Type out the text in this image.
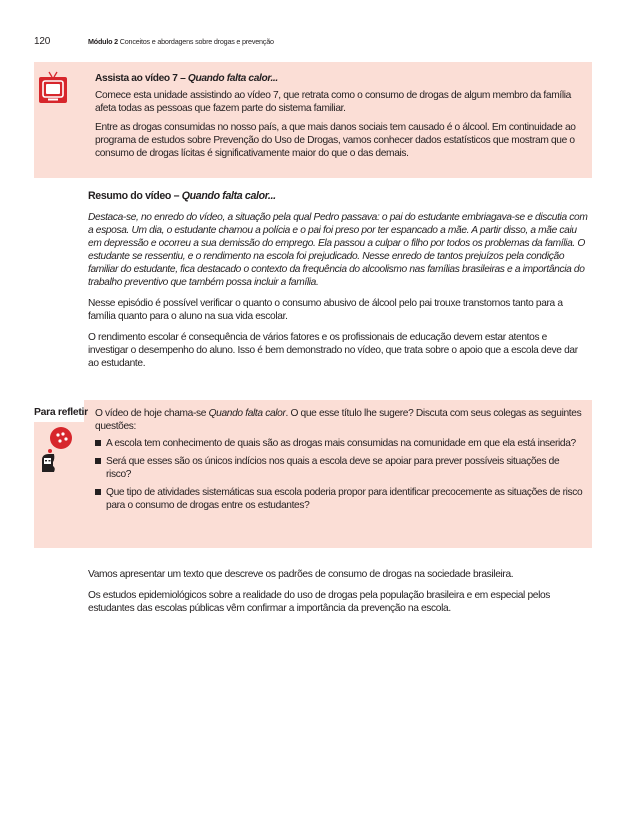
120	Módulo 2 Conceitos e abordagens sobre drogas e prevenção

Assista ao vídeo 7 – Quando falta calor...

Comece esta unidade assistindo ao vídeo 7, que retrata como o consumo de drogas de algum membro da família afeta todas as pessoas que fazem parte do sistema familiar.

Entre as drogas consumidas no nosso país, a que mais danos sociais tem causado é o álcool. Em continuidade ao programa de estudos sobre Prevenção do Uso de Drogas, vamos conhecer dados estatísticos que mostram que o consumo de drogas lícitas é significativamente maior do que o das demais.

Resumo do vídeo – Quando falta calor...

Destaca-se, no enredo do vídeo, a situação pela qual Pedro passava: o pai do estudante embriagava-se e discutia com a esposa. Um dia, o estudante chamou a polícia e o pai foi preso por ter espancado a mãe. A partir disso, a mãe caiu em depressão e ocorreu a sua demissão do emprego. Ela passou a culpar o filho por todos os problemas da família. O estudante se ressentiu, e o rendimento na escola foi prejudicado. Nesse enredo de tantos prejuízos pela condição familiar do estudante, fica destacado o contexto da frequência do alcoolismo nas famílias brasileiras e a importância do trabalho preventivo que também possa incluir a família.

Nesse episódio é possível verificar o quanto o consumo abusivo de álcool pelo pai trouxe transtornos tanto para a família quanto para o aluno na sua vida escolar.

O rendimento escolar é consequência de vários fatores e os profissionais de educação devem estar atentos e investigar o desempenho do aluno. Isso é bem demonstrado no vídeo, que trata sobre o apoio que a escola deve dar ao estudante.

Para refletir O vídeo de hoje chama-se Quando falta calor. O que esse título lhe sugere? Discuta com seus colegas as seguintes questões:

A escola tem conhecimento de quais são as drogas mais consumidas na comunidade em que ela está inserida?
Será que esses são os únicos indícios nos quais a escola deve se apoiar para prever possíveis situações de risco?
Que tipo de atividades sistemáticas sua escola poderia propor para identificar precocemente as situações de risco para o consumo de drogas entre os estudantes?

Vamos apresentar um texto que descreve os padrões de consumo de drogas na sociedade brasileira.

Os estudos epidemiológicos sobre a realidade do uso de drogas pela população brasileira e em especial pelos estudantes das escolas públicas vêm confirmar a importância da prevenção na escola.
